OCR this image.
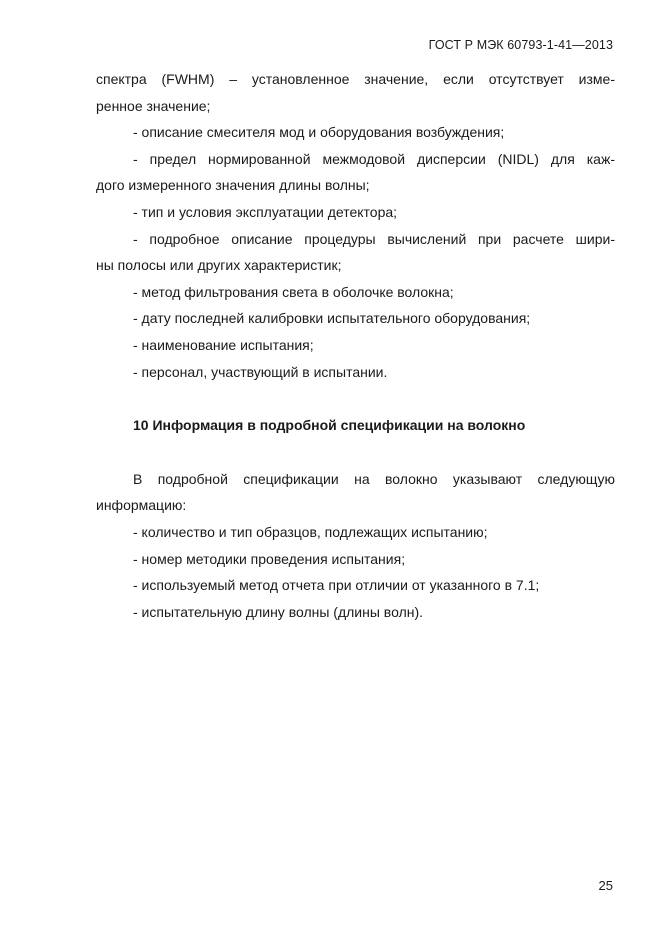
ГОСТ Р МЭК 60793-1-41—2013

спектра (FWHM) – установленное значение, если отсутствует изме-

ренное значение;

- описание смесителя мод и оборудования возбуждения;

- предел нормированной межмодовой дисперсии (NIDL) для каж-

дого измеренного значения длины волны;

- тип и условия эксплуатации детектора;

- подробное описание процедуры вычислений при расчете шири-

ны полосы или других характеристик;

- метод фильтрования света в оболочке волокна;

- дату последней калибровки испытательного оборудования;

- наименование испытания;

- персонал, участвующий в испытании.

10 Информация в подробной спецификации на волокно

В подробной спецификации на волокно указывают следующую

информацию:

- количество и тип образцов, подлежащих испытанию;

- номер методики проведения испытания;

- используемый метод отчета при отличии от указанного в 7.1;

- испытательную длину волны (длины волн).

25
